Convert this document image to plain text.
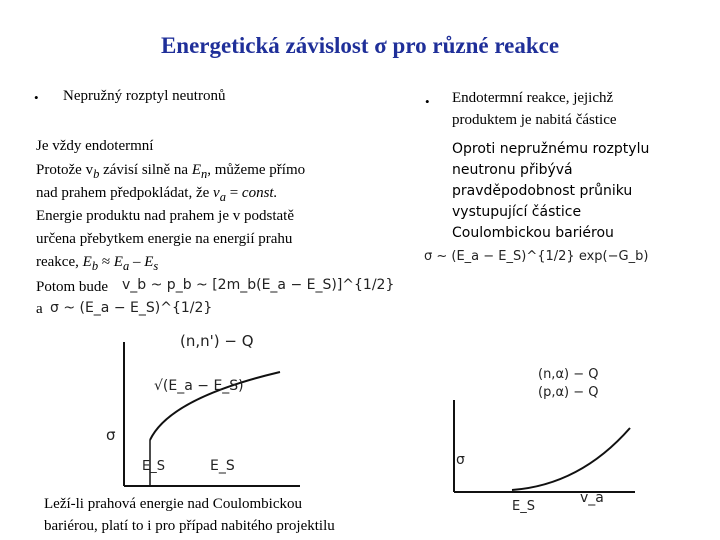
Energetická závislost σ pro různé reakce
• Nepružný rozptyl neutronů
Je vždy endotermní
Protože $v_b$ závisí silně na $E_n$, můžeme přímo
nad prahem předpokládat, že $v_a$ = const.
Energie produktu nad prahem je v podstatě
určena přebytkem energie na energií prahu
reakce, $E_b \approx E_a - E_s$
Potom bude
a
v_b ~ p_b ~ [2m_b(E_a − E_S)]^{1/2}
σ ~ (E_a − E_S)^{1/2}
(n,n') − Q
√(E_a − E_S)
σ
E_S	E_S
Leží-li prahová energie nad Coulombickou
bariérou, platí to i pro případ nabitého projektilu
• Endotermní reakce, jejichž
produktem je nabitá částice
Oproti nepružnému rozptylu
neutronu přibývá
pravděpodobnost průniku
vystupující částice
Coulombickou bariérou
σ ~ (E_a − E_S)^{1/2} exp(−G_b)
(n,α) − Q
(p,α) − Q
σ
E_S
v_a
